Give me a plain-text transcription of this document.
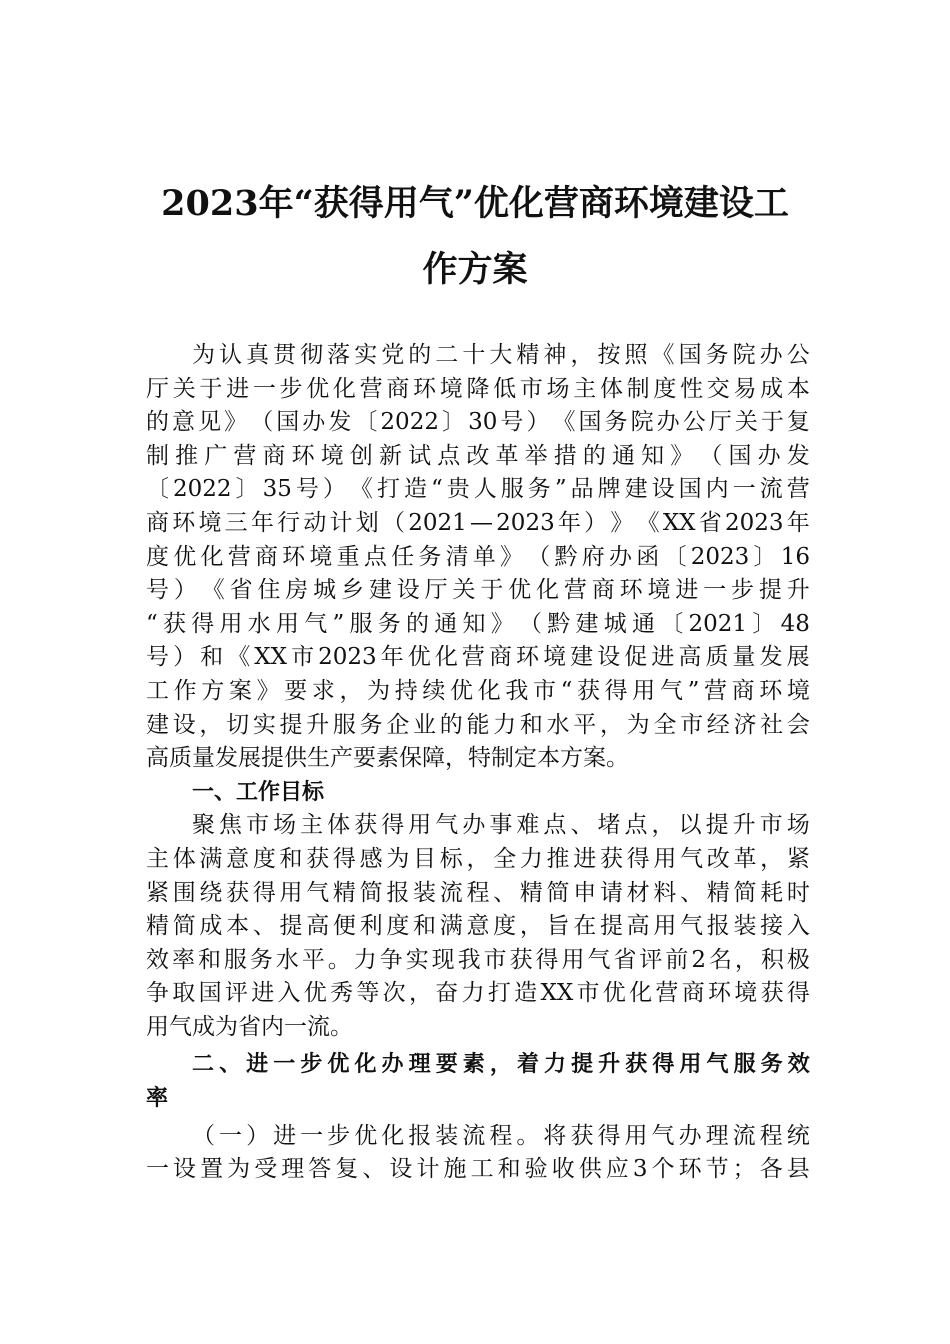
2023年“获得用气”优化营商环境建设工
作方案
为 认 真 贯 彻 落 实 党 的 二 十 大 精 神 ， 按 照 《 国 务 院 办 公
厅 关 于 进 一 步 优 化 营 商 环 境 降 低 市 场 主 体 制 度 性 交 易 成 本
的 意 见 》 （ 国 办 发 〔 2022 〕 30 号 ） 《 国 务 院 办 公 厅 关 于 复
制 推 广 营 商 环 境 创 新 试 点 改 革 举 措 的 通 知 》 （ 国 办 发
〔 2022 〕 35 号 ） 《 打 造 “ 贵 人 服 务 ” 品 牌 建 设 国 内 一 流 营
商 环 境 三 年 行 动 计 划 （ 2021 — 2023 年 ） 》 《 XX 省 2023 年
度 优 化 营 商 环 境 重 点 任 务 清 单 》 （ 黔 府 办 函 〔 2023 〕 16
号 ） 《 省 住 房 城 乡 建 设 厅 关 于 优 化 营 商 环 境 进 一 步 提 升
“ 获 得 用 水 用 气 ” 服 务 的 通 知 》 （ 黔 建 城 通 〔 2021 〕 48
号 ） 和 《 XX 市 2023 年 优 化 营 商 环 境 建 设 促 进 高 质 量 发 展
工 作 方 案 》 要 求 ， 为 持 续 优 化 我 市 “ 获 得 用 气 ” 营 商 环 境
建 设 ， 切 实 提 升 服 务 企 业 的 能 力 和 水 平 ， 为 全 市 经 济 社 会
高质量发展提供生产要素保障，特制定本方案。
一、工作目标
聚 焦 市 场 主 体 获 得 用 气 办 事 难 点 、 堵 点 ， 以 提 升 市 场
主 体 满 意 度 和 获 得 感 为 目 标 ， 全 力 推 进 获 得 用 气 改 革 ， 紧
紧 围 绕 获 得 用 气 精 简 报 装 流 程 、 精 简 申 请 材 料 、 精 简 耗 时
精 简 成 本 、 提 高 便 利 度 和 满 意 度 ， 旨 在 提 高 用 气 报 装 接 入
效 率 和 服 务 水 平 。 力 争 实 现 我 市 获 得 用 气 省 评 前 2 名 ， 积 极
争 取 国 评 进 入 优 秀 等 次 ， 奋 力 打 造 XX 市 优 化 营 商 环 境 获 得
用气成为省内一流。
二 、 进 一 步 优 化 办 理 要 素 ， 着 力 提 升 获 得 用 气 服 务 效
率
（ 一 ） 进 一 步 优 化 报 装 流 程 。 将 获 得 用 气 办 理 流 程 统
一 设 置 为 受 理 答 复 、 设 计 施 工 和 验 收 供 应 3 个 环 节 ； 各 县
